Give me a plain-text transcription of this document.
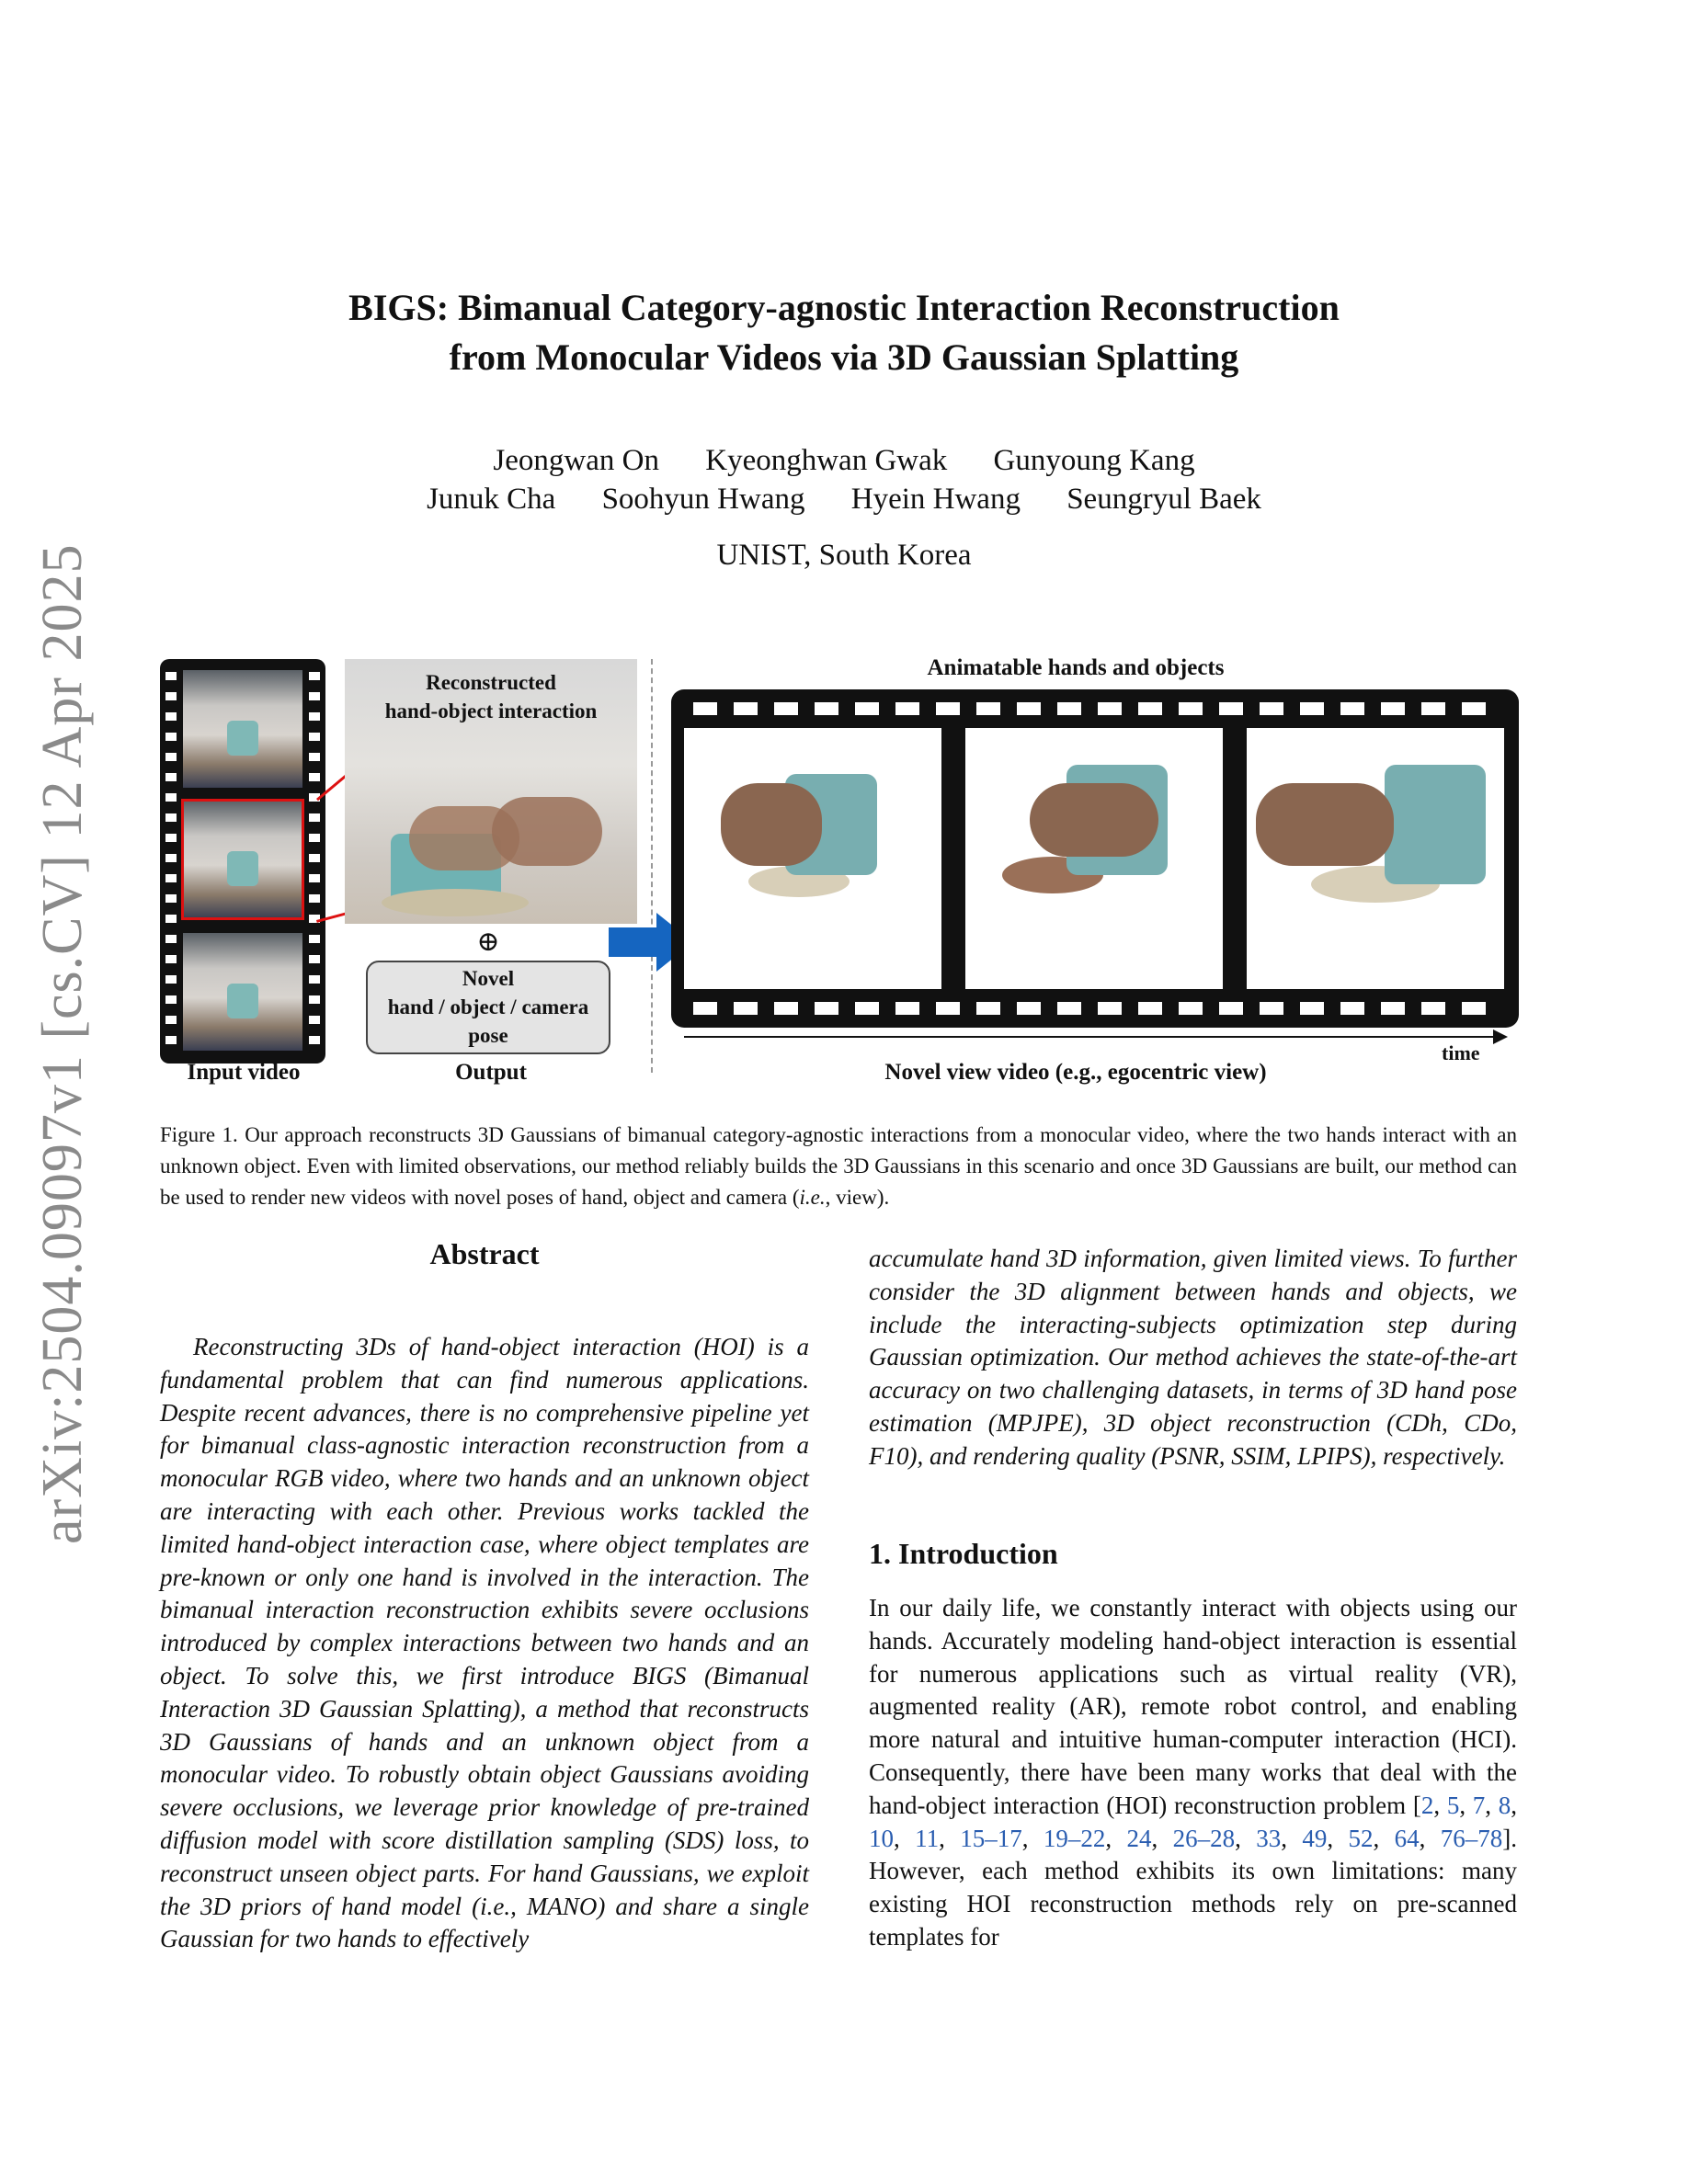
arXiv:2504.09097v1 [cs.CV] 12 Apr 2025
BIGS: Bimanual Category-agnostic Interaction Reconstruction
from Monocular Videos via 3D Gaussian Splatting
Jeongwan On Kyeonghwan Gwak Gunyoung Kang
Junuk Cha Soohyun Hwang Hyein Hwang Seungryul Baek
UNIST, South Korea
Reconstructed
hand-object interaction
⊕
Novel
hand / object / camera
pose
Animatable hands and objects
time
Input video	Output	Novel view video (e.g., egocentric view)
Figure 1. Our approach reconstructs 3D Gaussians of bimanual category-agnostic interactions from a monocular video, where the two hands interact with an unknown object. Even with limited observations, our method reliably builds the 3D Gaussians in this scenario and once 3D Gaussians are built, our method can be used to render new videos with novel poses of hand, object and camera (i.e., view).
Abstract
Reconstructing 3Ds of hand-object interaction (HOI) is a fundamental problem that can find numerous applications. Despite recent advances, there is no comprehensive pipeline yet for bimanual class-agnostic interaction reconstruction from a monocular RGB video, where two hands and an unknown object are interacting with each other. Previous works tackled the limited hand-object interaction case, where object templates are pre-known or only one hand is involved in the interaction. The bimanual interaction reconstruction exhibits severe occlusions introduced by complex interactions between two hands and an object. To solve this, we first introduce BIGS (Bimanual Interaction 3D Gaussian Splatting), a method that reconstructs 3D Gaussians of hands and an unknown object from a monocular video. To robustly obtain object Gaussians avoiding severe occlusions, we leverage prior knowledge of pre-trained diffusion model with score distillation sampling (SDS) loss, to reconstruct unseen object parts. For hand Gaussians, we exploit the 3D priors of hand model (i.e., MANO) and share a single Gaussian for two hands to effectively
accumulate hand 3D information, given limited views. To further consider the 3D alignment between hands and objects, we include the interacting-subjects optimization step during Gaussian optimization. Our method achieves the state-of-the-art accuracy on two challenging datasets, in terms of 3D hand pose estimation (MPJPE), 3D object reconstruction (CDh, CDo, F10), and rendering quality (PSNR, SSIM, LPIPS), respectively.
1. Introduction
In our daily life, we constantly interact with objects using our hands. Accurately modeling hand-object interaction is essential for numerous applications such as virtual reality (VR), augmented reality (AR), remote robot control, and enabling more natural and intuitive human-computer interaction (HCI). Consequently, there have been many works that deal with the hand-object interaction (HOI) reconstruction problem [2, 5, 7, 8, 10, 11, 15–17, 19–22, 24, 26–28, 33, 49, 52, 64, 76–78]. However, each method exhibits its own limitations: many existing HOI reconstruction methods rely on pre-scanned templates for
